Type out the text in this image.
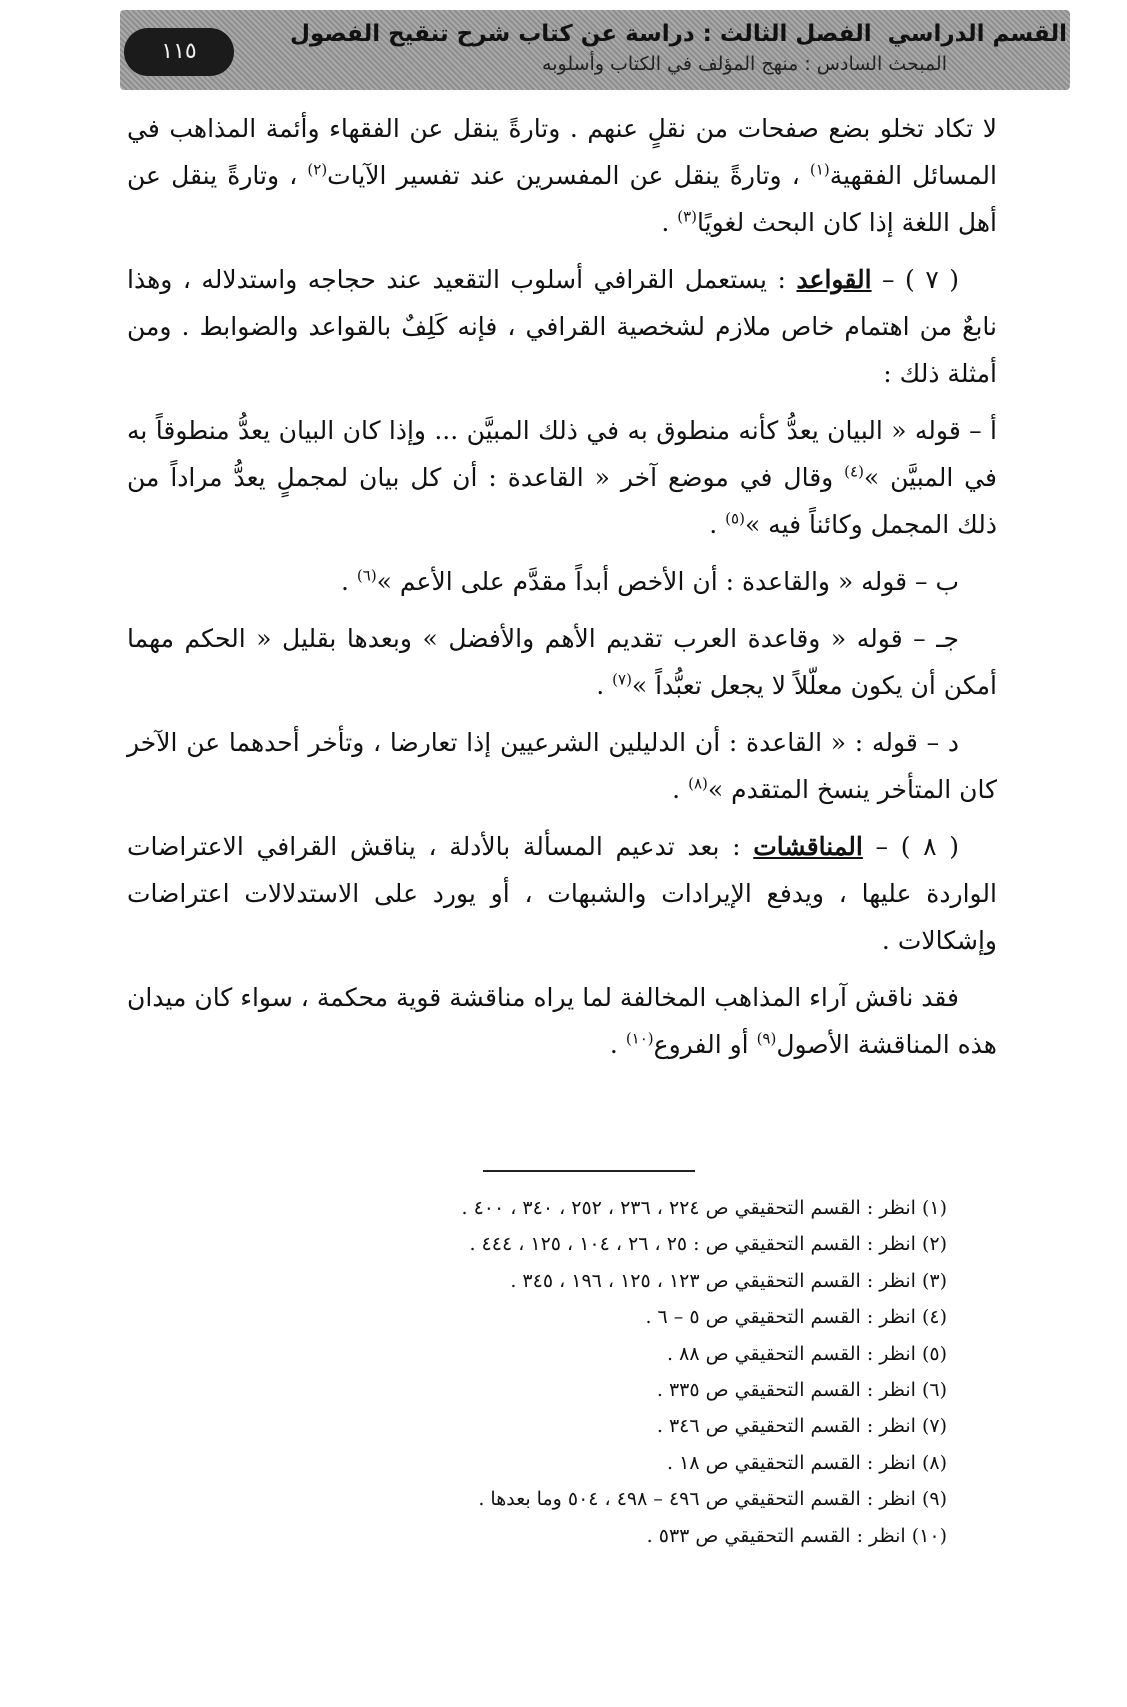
١١٥
القسم الدراسيالفصل الثالث : دراسة عن كتاب شرح تنقيح الفصول
المبحث السادس : منهج المؤلف في الكتاب وأسلوبه

لا تكاد تخلو بضع صفحات من نقلٍ عنهم . وتارةً ينقل عن الفقهاء وأئمة المذاهب في المسائل الفقهية$^{(١)}$ ، وتارةً ينقل عن المفسرين عند تفسير الآيات$^{(٢)}$ ، وتارةً ينقل عن أهل اللغة إذا كان البحث لغويًا$^{(٣)}$ .

( ٧ ) – القواعد : يستعمل القرافي أسلوب التقعيد عند حجاجه واستدلاله ، وهذا نابعٌ من اهتمام خاص ملازم لشخصية القرافي ، فإنه كَلِفٌ بالقواعد والضوابط . ومن أمثلة ذلك :

أ – قوله « البيان يعدُّ كأنه منطوق به في ذلك المبيَّن ... وإذا كان البيان يعدُّ منطوقاً به في المبيَّن »$^{(٤)}$ وقال في موضع آخر « القاعدة : أن كل بيان لمجملٍ يعدُّ مراداً من ذلك المجمل وكائناً فيه »$^{(٥)}$ .

ب – قوله « والقاعدة : أن الأخص أبداً مقدَّم على الأعم »$^{(٦)}$ .

جـ – قوله « وقاعدة العرب تقديم الأهم والأفضل » وبعدها بقليل « الحكم مهما أمكن أن يكون معلّلاً لا يجعل تعبُّداً »$^{(٧)}$ .

د – قوله : « القاعدة : أن الدليلين الشرعيين إذا تعارضا ، وتأخر أحدهما عن الآخر كان المتأخر ينسخ المتقدم »$^{(٨)}$ .

( ٨ ) – المناقشات : بعد تدعيم المسألة بالأدلة ، يناقش القرافي الاعتراضات الواردة عليها ، ويدفع الإيرادات والشبهات ، أو يورد على الاستدلالات اعتراضات وإشكالات .

فقد ناقش آراء المذاهب المخالفة لما يراه مناقشة قوية محكمة ، سواء كان ميدان هذه المناقشة الأصول$^{(٩)}$ أو الفروع$^{(١٠)}$ .

(١) انظر : القسم التحقيقي ص ٢٢٤ ، ٢٣٦ ، ٢٥٢ ، ٣٤٠ ، ٤٠٠ .
(٢) انظر : القسم التحقيقي ص : ٢٥ ، ٢٦ ، ١٠٤ ، ١٢٥ ، ٤٤٤ .
(٣) انظر : القسم التحقيقي ص ١٢٣ ، ١٢٥ ، ١٩٦ ، ٣٤٥ .
(٤) انظر : القسم التحقيقي ص ٥ – ٦ .
(٥) انظر : القسم التحقيقي ص ٨٨ .
(٦) انظر : القسم التحقيقي ص ٣٣٥ .
(٧) انظر : القسم التحقيقي ص ٣٤٦ .
(٨) انظر : القسم التحقيقي ص ١٨ .
(٩) انظر : القسم التحقيقي ص ٤٩٦ – ٤٩٨ ، ٥٠٤ وما بعدها .
(١٠) انظر : القسم التحقيقي ص ٥٣٣ .
